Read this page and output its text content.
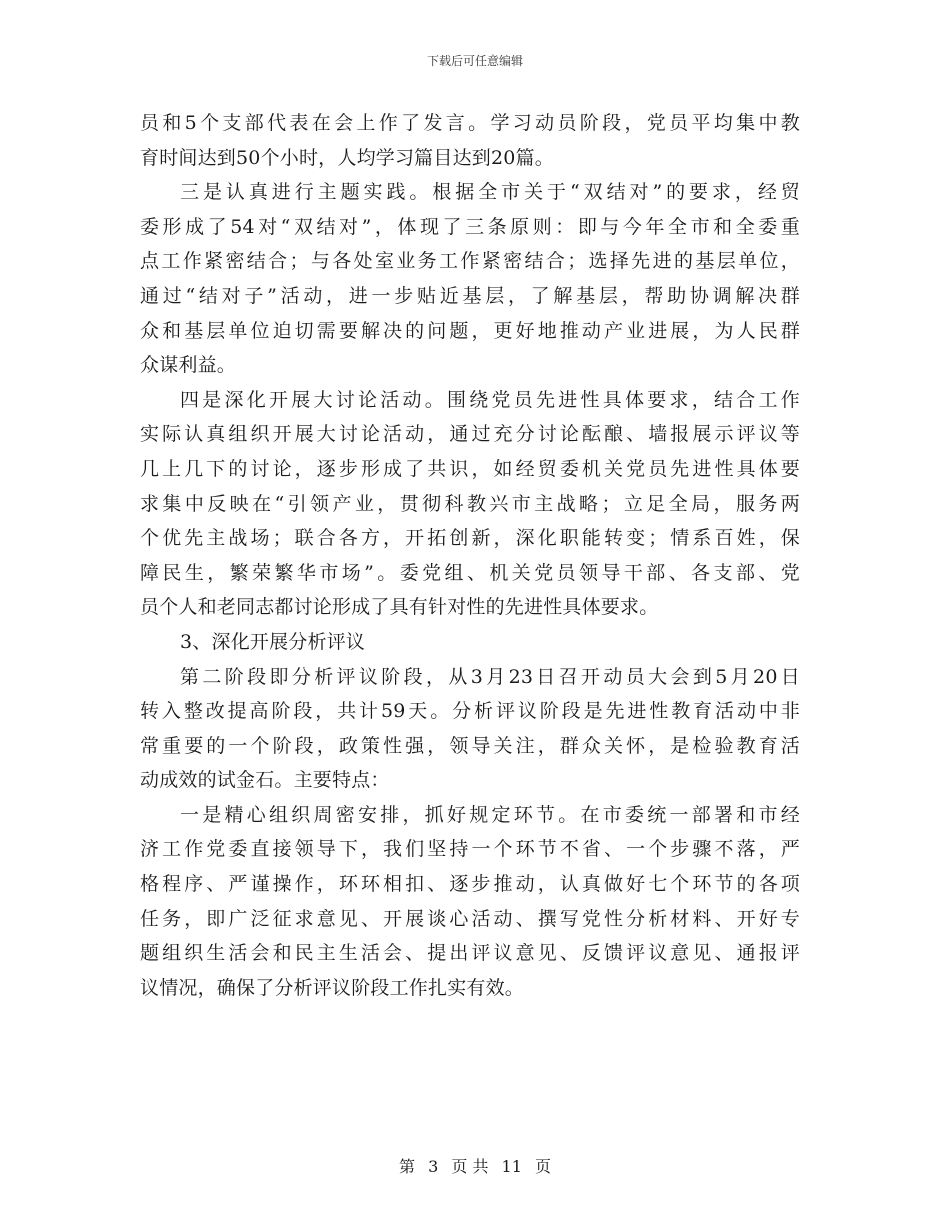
下载后可任意编辑
员和5个支部代表在会上作了发言。学习动员阶段，党员平均集中教
育时间达到50个小时，人均学习篇目达到20篇。
三是认真进行主题实践。根据全市关于“双结对”的要求，经贸
委形成了54对“双结对”，体现了三条原则：即与今年全市和全委重
点工作紧密结合；与各处室业务工作紧密结合；选择先进的基层单位，
通过“结对子”活动，进一步贴近基层，了解基层，帮助协调解决群
众和基层单位迫切需要解决的问题，更好地推动产业进展，为人民群
众谋利益。
四是深化开展大讨论活动。围绕党员先进性具体要求，结合工作
实际认真组织开展大讨论活动，通过充分讨论酝酿、墙报展示评议等
几上几下的讨论，逐步形成了共识，如经贸委机关党员先进性具体要
求集中反映在“引领产业，贯彻科教兴市主战略；立足全局，服务两
个优先主战场；联合各方，开拓创新，深化职能转变；情系百姓，保
障民生，繁荣繁华市场”。委党组、机关党员领导干部、各支部、党
员个人和老同志都讨论形成了具有针对性的先进性具体要求。
3、深化开展分析评议
第二阶段即分析评议阶段，从3月23日召开动员大会到5月20日
转入整改提高阶段，共计59天。分析评议阶段是先进性教育活动中非
常重要的一个阶段，政策性强，领导关注，群众关怀，是检验教育活
动成效的试金石。主要特点：
一是精心组织周密安排，抓好规定环节。在市委统一部署和市经
济工作党委直接领导下，我们坚持一个环节不省、一个步骤不落，严
格程序、严谨操作，环环相扣、逐步推动，认真做好七个环节的各项
任务，即广泛征求意见、开展谈心活动、撰写党性分析材料、开好专
题组织生活会和民主生活会、提出评议意见、反馈评议意见、通报评
议情况，确保了分析评议阶段工作扎实有效。
第 3 页 共 11 页
